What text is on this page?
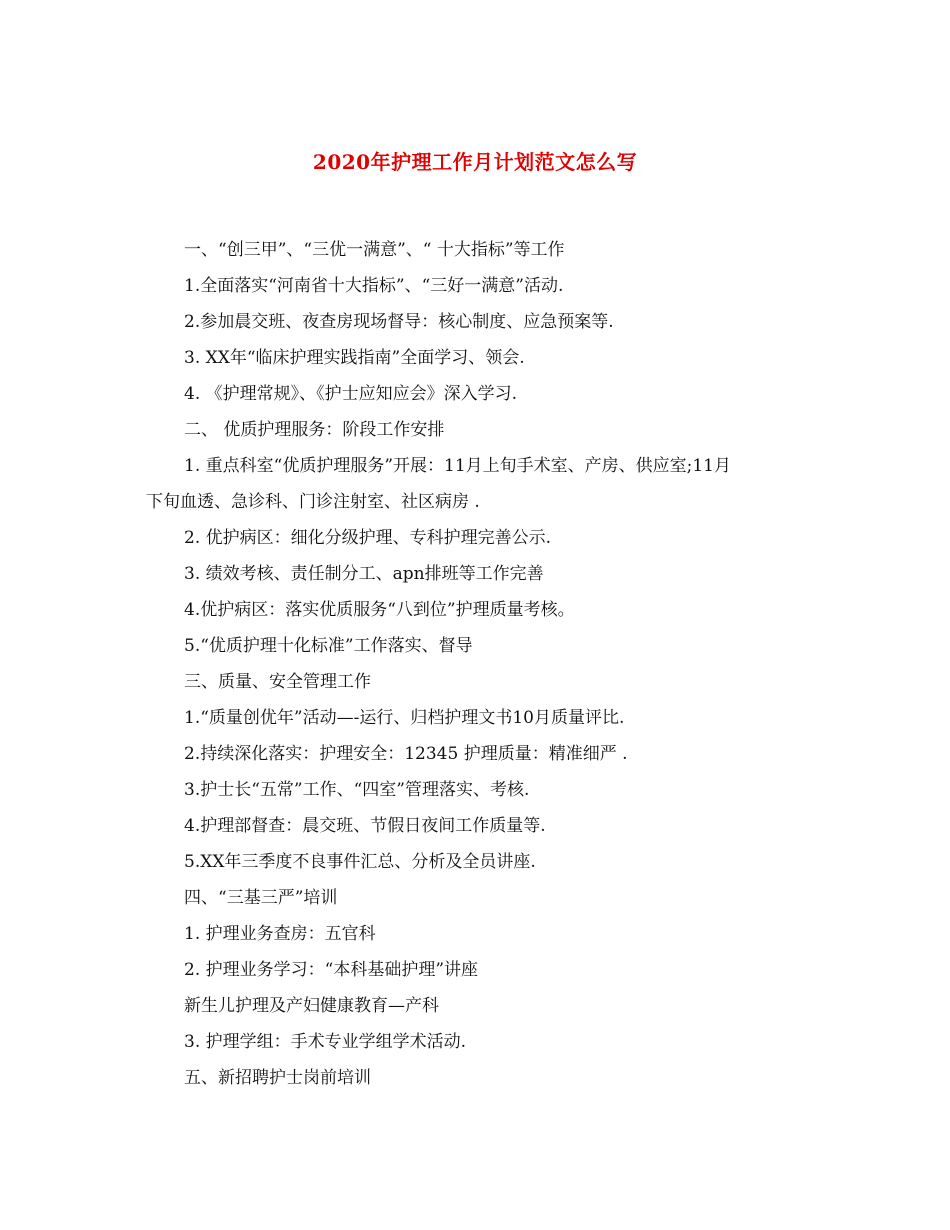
2020年护理工作月计划范文怎么写
一、“创三甲”、“三优一满意”、“ 十大指标”等工作
1.全面落实“河南省十大指标”、“三好一满意”活动.
2.参加晨交班、夜查房现场督导：核心制度、应急预案等.
3. XX年“临床护理实践指南”全面学习、领会.
4. 《护理常规》、《护士应知应会》深入学习.
二、 优质护理服务：阶段工作安排
1. 重点科室“优质护理服务”开展：11月上旬手术室、产房、供应室;11月
下旬血透、急诊科、门诊注射室、社区病房 .
2. 优护病区：细化分级护理、专科护理完善公示.
3. 绩效考核、责任制分工、apn排班等工作完善
4.优护病区：落实优质服务“八到位”护理质量考核。
5.“优质护理十化标准”工作落实、督导
三、质量、安全管理工作
1.“质量创优年”活动—-运行、归档护理文书10月质量评比.
2.持续深化落实：护理安全：12345 护理质量：精准细严 .
3.护士长“五常”工作、“四室”管理落实、考核.
4.护理部督查：晨交班、节假日夜间工作质量等.
5.XX年三季度不良事件汇总、分析及全员讲座.
四、“三基三严”培训
1. 护理业务查房：五官科
2. 护理业务学习：“本科基础护理”讲座
新生儿护理及产妇健康教育—产科
3. 护理学组：手术专业学组学术活动.
五、新招聘护士岗前培训
